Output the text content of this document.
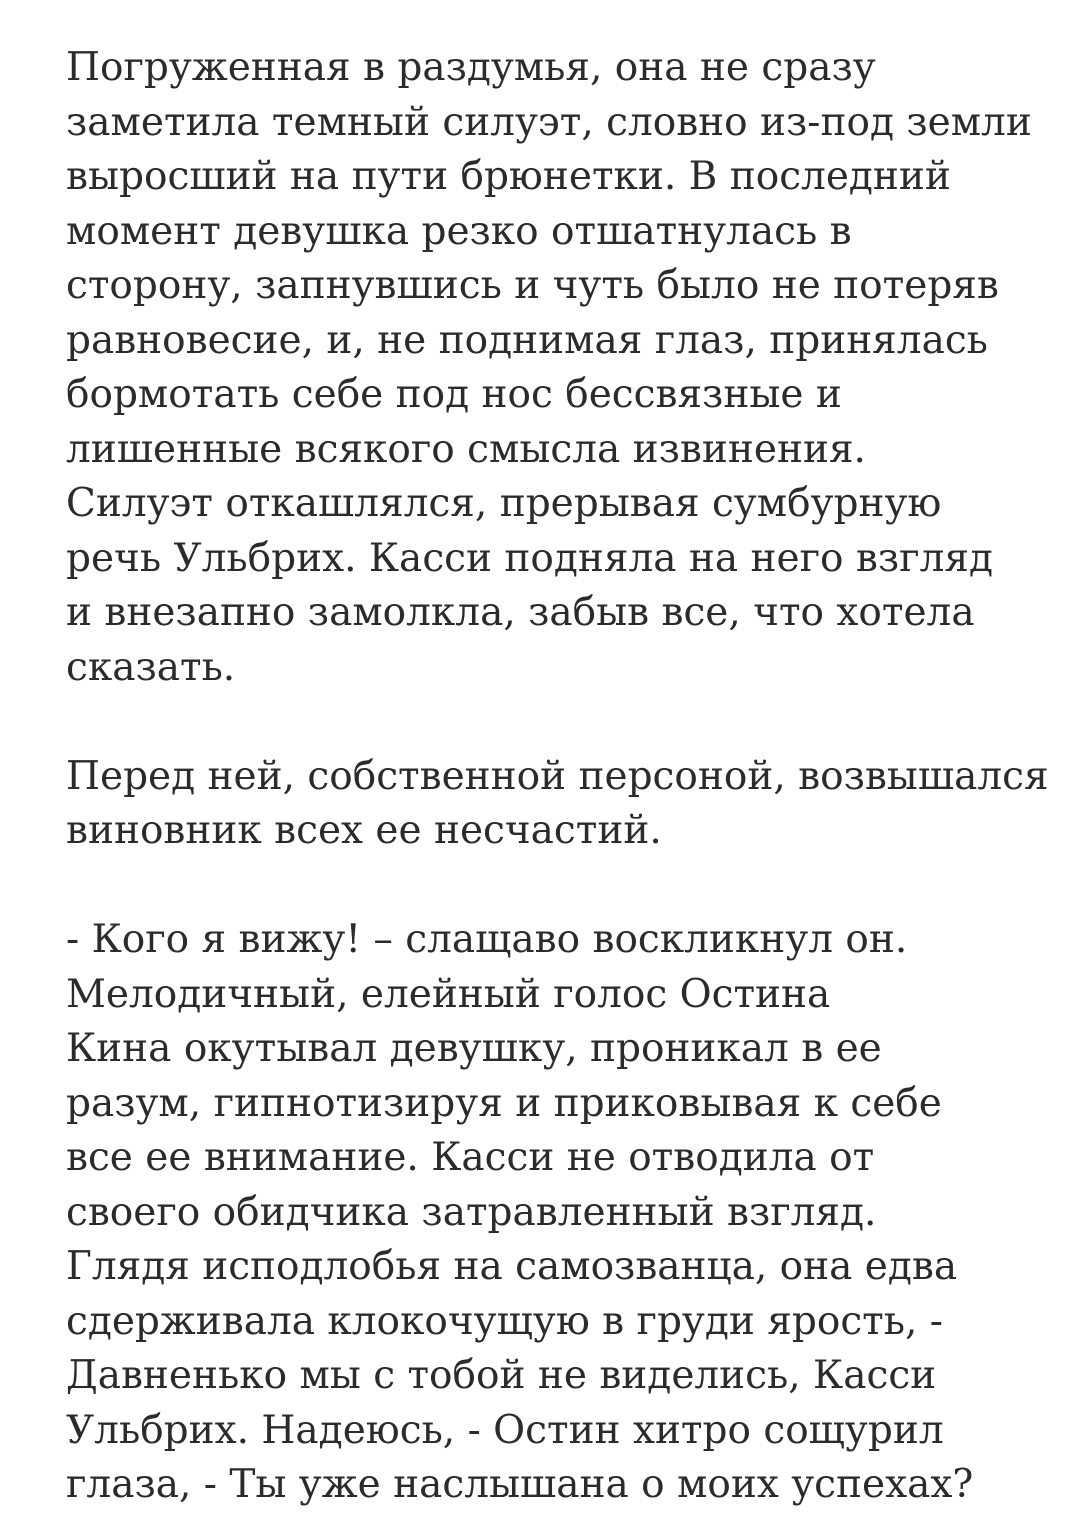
Погруженная в раздумья, она не сразу
заметила темный силуэт, словно из-под земли
выросший на пути брюнетки. В последний
момент девушка резко отшатнулась в
сторону, запнувшись и чуть было не потеряв
равновесие, и, не поднимая глаз, принялась
бормотать себе под нос бессвязные и
лишенные всякого смысла извинения.
Силуэт откашлялся, прерывая сумбурную
речь Ульбрих. Касси подняла на него взгляд
и внезапно замолкла, забыв все, что хотела
сказать.
Перед ней, собственной персоной, возвышался
виновник всех ее несчастий.
- Кого я вижу! – слащаво воскликнул он.
Мелодичный, елейный голос Остина
Кина окутывал девушку, проникал в ее
разум, гипнотизируя и приковывая к себе
все ее внимание. Касси не отводила от
своего обидчика затравленный взгляд.
Глядя исподлобья на самозванца, она едва
сдерживала клокочущую в груди ярость, -
Давненько мы с тобой не виделись, Касси
Ульбрих. Надеюсь, - Остин хитро сощурил
глаза, - Ты уже наслышана о моих успехах?
